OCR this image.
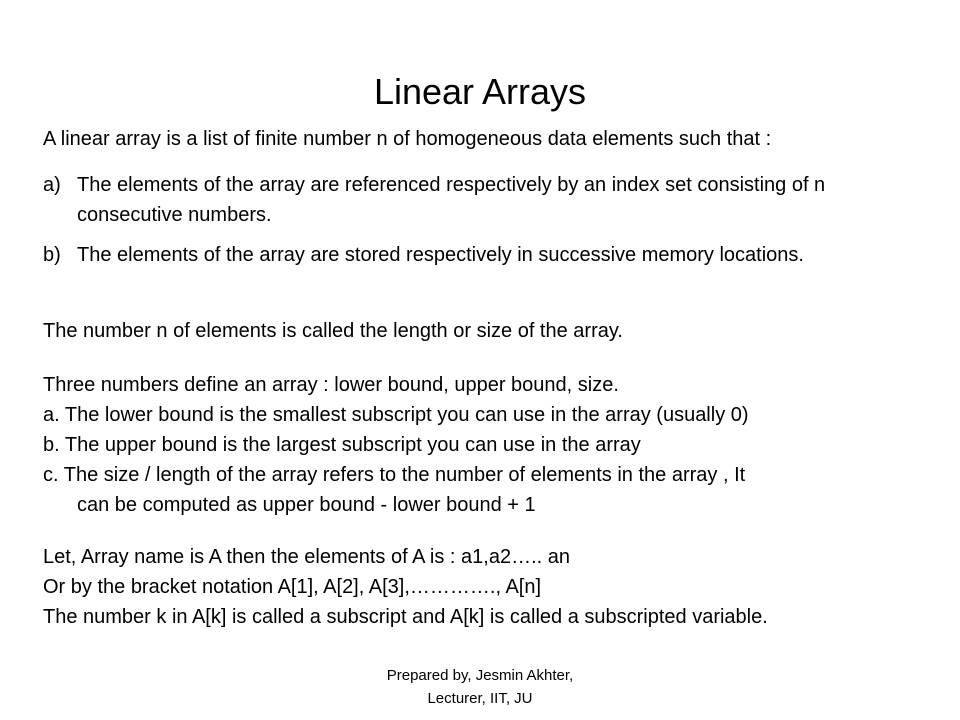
Linear Arrays
A linear array is a list of finite number n of homogeneous data elements such that :
a) The elements of the array are referenced respectively by an index set consisting of n consecutive numbers.
b) The elements of the array are stored respectively in successive memory locations.
The number n of elements is called the length or size of the array.
Three numbers define an array : lower bound, upper bound, size.
a. The lower bound is the smallest subscript you can use in the array (usually 0)
b. The upper bound is the largest subscript you can use in the array
c. The size / length of the array refers to the number of elements in the array , It
can be computed as upper bound - lower bound + 1
Let, Array name is A then the elements of A is : a1,a2….. an
Or by the bracket notation A[1], A[2], A[3],…………., A[n]
The number k in A[k] is called a subscript and A[k] is called a subscripted variable.
Prepared by, Jesmin Akhter,
Lecturer, IIT, JU
